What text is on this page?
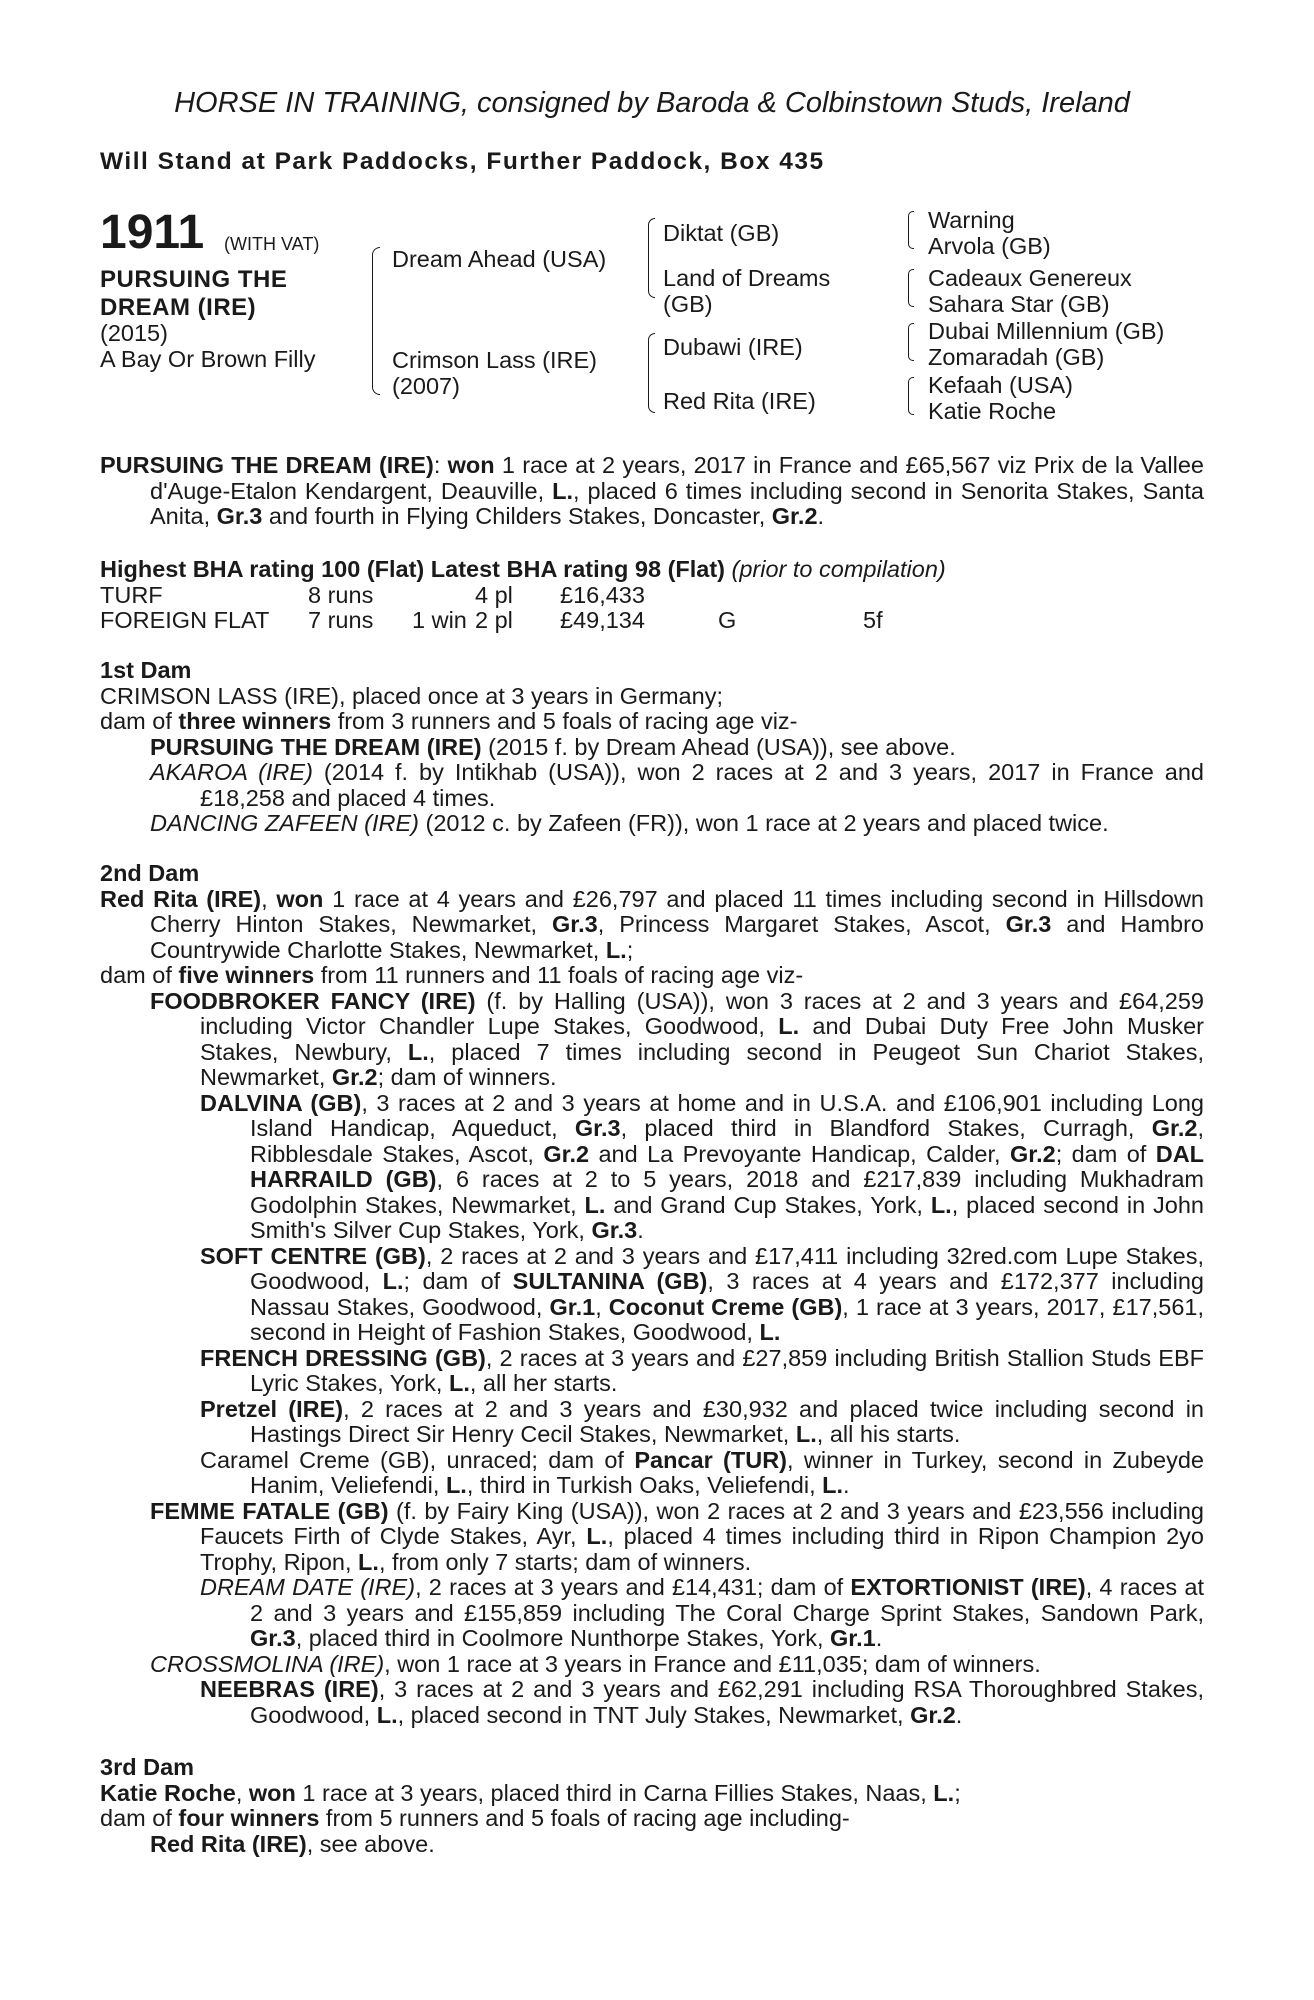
HORSE IN TRAINING, consigned by Baroda & Colbinstown Studs, Ireland
Will Stand at Park Paddocks, Further Paddock, Box 435
1911 (WITH VAT)
PURSUING THE
DREAM (IRE)
(2015)
A Bay Or Brown Filly
Dream Ahead (USA)
Crimson Lass (IRE)
(2007)
Diktat (GB)
Land of Dreams
(GB)
Dubawi (IRE)
Red Rita (IRE)
Warning
Arvola (GB)
Cadeaux Genereux
Sahara Star (GB)
Dubai Millennium (GB)
Zomaradah (GB)
Kefaah (USA)
Katie Roche

PURSUING THE DREAM (IRE): won 1 race at 2 years, 2017 in France and £65,567 viz Prix de la Vallee d'Auge-Etalon Kendargent, Deauville, L., placed 6 times including second in Senorita Stakes, Santa Anita, Gr.3 and fourth in Flying Childers Stakes, Doncaster, Gr.2.

Highest BHA rating 100 (Flat) Latest BHA rating 98 (Flat) (prior to compilation)
TURF	8 runs	4 pl £16,433
FOREIGN FLAT 7 runs 1 win 2 pl £49,134	G	5f
1st Dam

CRIMSON LASS (IRE), placed once at 3 years in Germany;

dam of three winners from 3 runners and 5 foals of racing age viz-

PURSUING THE DREAM (IRE) (2015 f. by Dream Ahead (USA)), see above.

AKAROA (IRE) (2014 f. by Intikhab (USA)), won 2 races at 2 and 3 years, 2017 in France and £18,258 and placed 4 times.

DANCING ZAFEEN (IRE) (2012 c. by Zafeen (FR)), won 1 race at 2 years and placed twice.

2nd Dam

Red Rita (IRE), won 1 race at 4 years and £26,797 and placed 11 times including second in Hillsdown Cherry Hinton Stakes, Newmarket, Gr.3, Princess Margaret Stakes, Ascot, Gr.3 and Hambro Countrywide Charlotte Stakes, Newmarket, L.;

dam of five winners from 11 runners and 11 foals of racing age viz-

FOODBROKER FANCY (IRE) (f. by Halling (USA)), won 3 races at 2 and 3 years and £64,259 including Victor Chandler Lupe Stakes, Goodwood, L. and Dubai Duty Free John Musker Stakes, Newbury, L., placed 7 times including second in Peugeot Sun Chariot Stakes, Newmarket, Gr.2; dam of winners.

DALVINA (GB), 3 races at 2 and 3 years at home and in U.S.A. and £106,901 including Long Island Handicap, Aqueduct, Gr.3, placed third in Blandford Stakes, Curragh, Gr.2, Ribblesdale Stakes, Ascot, Gr.2 and La Prevoyante Handicap, Calder, Gr.2; dam of DAL HARRAILD (GB), 6 races at 2 to 5 years, 2018 and £217,839 including Mukhadram Godolphin Stakes, Newmarket, L. and Grand Cup Stakes, York, L., placed second in John Smith's Silver Cup Stakes, York, Gr.3.

SOFT CENTRE (GB), 2 races at 2 and 3 years and £17,411 including 32red.com Lupe Stakes, Goodwood, L.; dam of SULTANINA (GB), 3 races at 4 years and £172,377 including Nassau Stakes, Goodwood, Gr.1, Coconut Creme (GB), 1 race at 3 years, 2017, £17,561, second in Height of Fashion Stakes, Goodwood, L.

FRENCH DRESSING (GB), 2 races at 3 years and £27,859 including British Stallion Studs EBF Lyric Stakes, York, L., all her starts.

Pretzel (IRE), 2 races at 2 and 3 years and £30,932 and placed twice including second in Hastings Direct Sir Henry Cecil Stakes, Newmarket, L., all his starts.

Caramel Creme (GB), unraced; dam of Pancar (TUR), winner in Turkey, second in Zubeyde Hanim, Veliefendi, L., third in Turkish Oaks, Veliefendi, L..

FEMME FATALE (GB) (f. by Fairy King (USA)), won 2 races at 2 and 3 years and £23,556 including Faucets Firth of Clyde Stakes, Ayr, L., placed 4 times including third in Ripon Champion 2yo Trophy, Ripon, L., from only 7 starts; dam of winners.

DREAM DATE (IRE), 2 races at 3 years and £14,431; dam of EXTORTIONIST (IRE), 4 races at 2 and 3 years and £155,859 including The Coral Charge Sprint Stakes, Sandown Park, Gr.3, placed third in Coolmore Nunthorpe Stakes, York, Gr.1.

CROSSMOLINA (IRE), won 1 race at 3 years in France and £11,035; dam of winners.

NEEBRAS (IRE), 3 races at 2 and 3 years and £62,291 including RSA Thoroughbred Stakes, Goodwood, L., placed second in TNT July Stakes, Newmarket, Gr.2.

3rd Dam

Katie Roche, won 1 race at 3 years, placed third in Carna Fillies Stakes, Naas, L.;

dam of four winners from 5 runners and 5 foals of racing age including-

Red Rita (IRE), see above.
